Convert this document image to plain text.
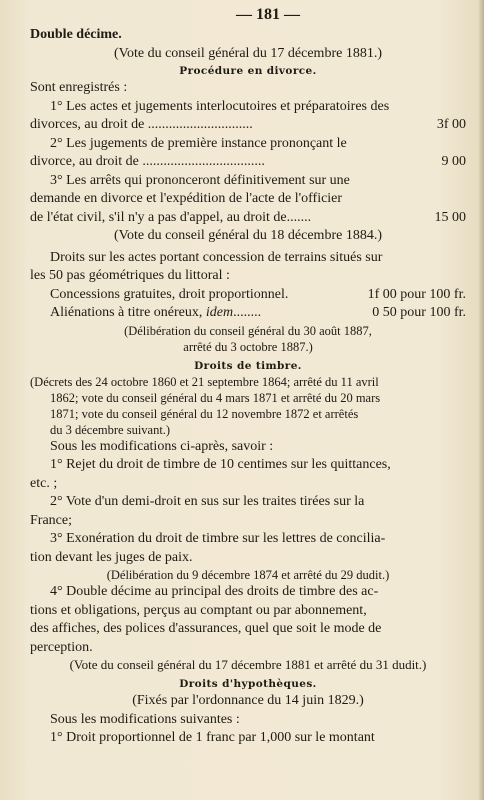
— 181 —
Double décime.
(Vote du conseil général du 17 décembre 1881.)
Procédure en divorce.
Sont enregistrés :
1° Les actes et jugements interlocutoires et préparatoires des
divorces, au droit de ..............................	3f 00
2° Les jugements de première instance prononçant le
divorce, au droit de ...................................	9 00
3° Les arrêts qui prononceront définitivement sur une
demande en divorce et l'expédition de l'acte de l'officier
de l'état civil, s'il n'y a pas d'appel, au droit de.......	15 00
(Vote du conseil général du 18 décembre 1884.)
Droits sur les actes portant concession de terrains situés sur
les 50 pas géométriques du littoral :
Concessions gratuites, droit proportionnel.	1f 00 pour 100 fr.
Aliénations à titre onéreux, idem........	0 50 pour 100 fr.
(Délibération du conseil général du 30 août 1887,
arrêté du 3 octobre 1887.)
Droits de timbre.
(Décrets des 24 octobre 1860 et 21 septembre 1864; arrêté du 11 avril
1862; vote du conseil général du 4 mars 1871 et arrêté du 20 mars
1871; vote du conseil général du 12 novembre 1872 et arrêtés
du 3 décembre suivant.)
Sous les modifications ci-après, savoir :
1° Rejet du droit de timbre de 10 centimes sur les quittances,
etc. ;
2° Vote d'un demi-droit en sus sur les traites tirées sur la
France;
3° Exonération du droit de timbre sur les lettres de concilia-
tion devant les juges de paix.
(Délibération du 9 décembre 1874 et arrêté du 29 dudit.)
4° Double décime au principal des droits de timbre des ac-
tions et obligations, perçus au comptant ou par abonnement,
des affiches, des polices d'assurances, quel que soit le mode de
perception.
(Vote du conseil général du 17 décembre 1881 et arrêté du 31 dudit.)
Droits d'hypothèques.
(Fixés par l'ordonnance du 14 juin 1829.)
Sous les modifications suivantes :
1° Droit proportionnel de 1 franc par 1,000 sur le montant
